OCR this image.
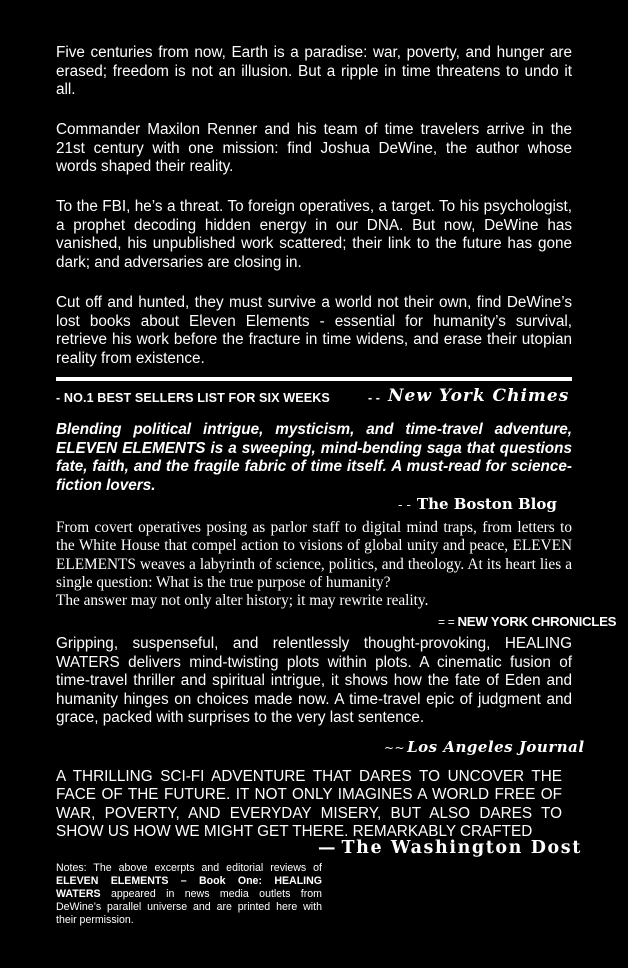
Five centuries from now, Earth is a paradise: war, poverty, and hunger are erased; freedom is not an illusion. But a ripple in time threatens to undo it all.

Commander Maxilon Renner and his team of time travelers arrive in the 21st century with one mission: find Joshua DeWine, the author whose words shaped their reality.

To the FBI, he’s a threat. To foreign operatives, a target. To his psychologist, a prophet decoding hidden energy in our DNA. But now, DeWine has vanished, his unpublished work scattered; their link to the future has gone dark; and adversaries are closing in.

Cut off and hunted, they must survive a world not their own, find DeWine’s lost books about Eleven Elements - essential for humanity’s survival, retrieve his work before the fracture in time widens, and erase their utopian reality from existence.

- NO.1 BEST SELLERS LIST FOR SIX WEEKS	- - New York Chimes

Blending political intrigue, mysticism, and time-travel adventure, ELEVEN ELEMENTS is a sweeping, mind-bending saga that questions fate, faith, and the fragile fabric of time itself. A must-read for science-fiction lovers.

- - The Boston Blog

From covert operatives posing as parlor staff to digital mind traps, from letters to the White House that compel action to visions of global unity and peace, ELEVEN ELEMENTS weaves a labyrinth of science, politics, and theology. At its heart lies a single question: What is the true purpose of humanity?
The answer may not only alter history; it may rewrite reality.

= = NEW YORK CHRONICLES

Gripping, suspenseful, and relentlessly thought-provoking, HEALING WATERS delivers mind-twisting plots within plots. A cinematic fusion of time-travel thriller and spiritual intrigue, it shows how the fate of Eden and humanity hinges on choices made now. A time-travel epic of judgment and grace, packed with surprises to the very last sentence.

~~ Los Angeles Journal

A THRILLING SCI-FI ADVENTURE THAT DARES TO UNCOVER THE FACE OF THE FUTURE. IT NOT ONLY IMAGINES A WORLD FREE OF WAR, POVERTY, AND EVERYDAY MISERY, BUT ALSO DARES TO SHOW US HOW WE MIGHT GET THERE. REMARKABLY CRAFTED

— The Washington Dost

Notes: The above excerpts and editorial reviews of ELEVEN ELEMENTS – Book One: HEALING WATERS appeared in news media outlets from DeWine’s parallel universe and are printed here with their permission.
